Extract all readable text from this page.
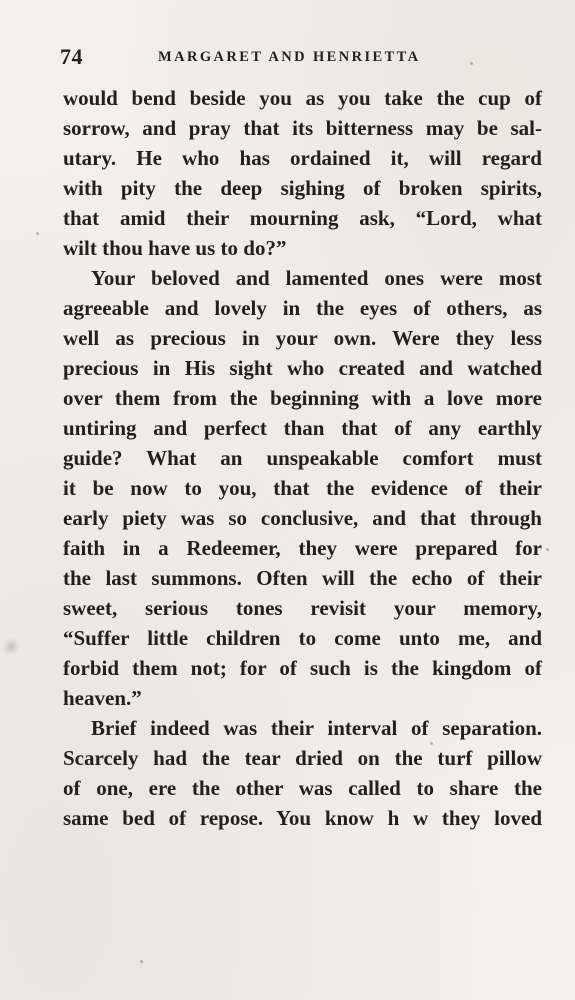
74	MARGARET AND HENRIETTA
would bend beside you as you take the cup of
sorrow, and pray that its bitterness may be sal-
utary. He who has ordained it, will regard
with pity the deep sighing of broken spirits,
that amid their mourning ask, “Lord, what
wilt thou have us to do?”
Your beloved and lamented ones were most
agreeable and lovely in the eyes of others, as
well as precious in your own. Were they less
precious in His sight who created and watched
over them from the beginning with a love more
untiring and perfect than that of any earthly
guide? What an unspeakable comfort must
it be now to you, that the evidence of their
early piety was so conclusive, and that through
faith in a Redeemer, they were prepared for
the last summons. Often will the echo of their
sweet, serious tones revisit your memory,
“Suffer little children to come unto me, and
forbid them not; for of such is the kingdom of
heaven.”
Brief indeed was their interval of separation.
Scarcely had the tear dried on the turf pillow
of one, ere the other was called to share the
same bed of repose. You know h w they loved
